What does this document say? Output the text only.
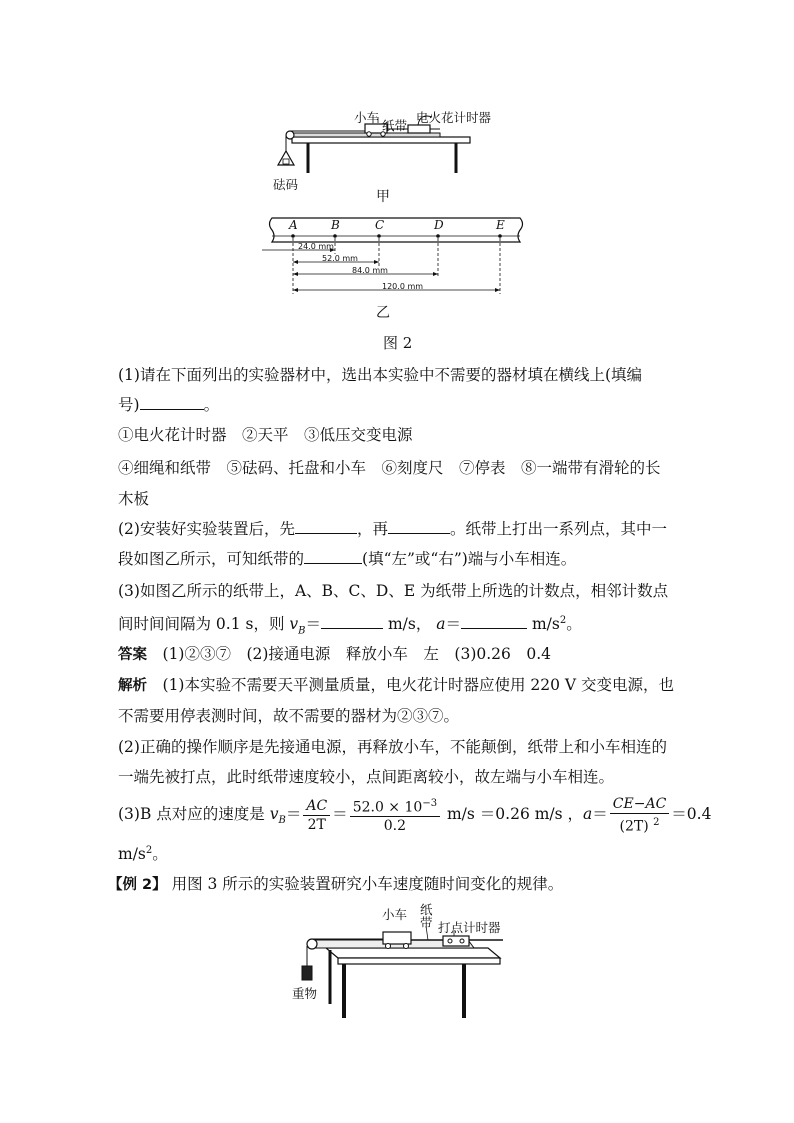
小车
纸带
电火花计时器
砝码
甲
A	B	C	D	E
24.0 mm
52.0 mm
84.0 mm
120.0 mm
乙
图 2
(1)请在下面列出的实验器材中，选出本实验中不需要的器材填在横线上(填编
号)	。
①电火花计时器　②天平　③低压交变电源
④细绳和纸带　⑤砝码、托盘和小车　⑥刻度尺　⑦停表　⑧一端带有滑轮的长
木板
(2)安装好实验装置后，先	，再	。纸带上打出一系列点，其中一
段如图乙所示，可知纸带的	(填“左”或“右”)端与小车相连。
(3)如图乙所示的纸带上，A、B、C、D、E 为纸带上所选的计数点，相邻计数点
间时间间隔为 0.1 s，则 $v_B=$	m/s， a＝	$m/s^2$。
答案　 (1)②③⑦　(2)接通电源　释放小车　左　(3)0.26　0.4
解析　 (1)本实验不需要天平测量质量，电火花计时器应使用 220 V 交变电源，也
不需要用停表测时间，故不需要的器材为②③⑦。
(2)正确的操作顺序是先接通电源，再释放小车，不能颠倒，纸带上和小车相连的
一端先被打点，此时纸带速度较小，点间距离较小，故左端与小车相连。
(3)B 点对应的速度是 $v_B= \frac{AC}{2T} = \frac{52.0 \times 10^{-3}}{0.2} m/s =0.26$ m/s ，$a= \frac{CE-AC}{(2T) ^2} =0.4$
$m/s^2$。
【例 2】 用图 3 所示的实验装置研究小车速度随时间变化的规律。
小车 纸
带 打点计时器
重物
